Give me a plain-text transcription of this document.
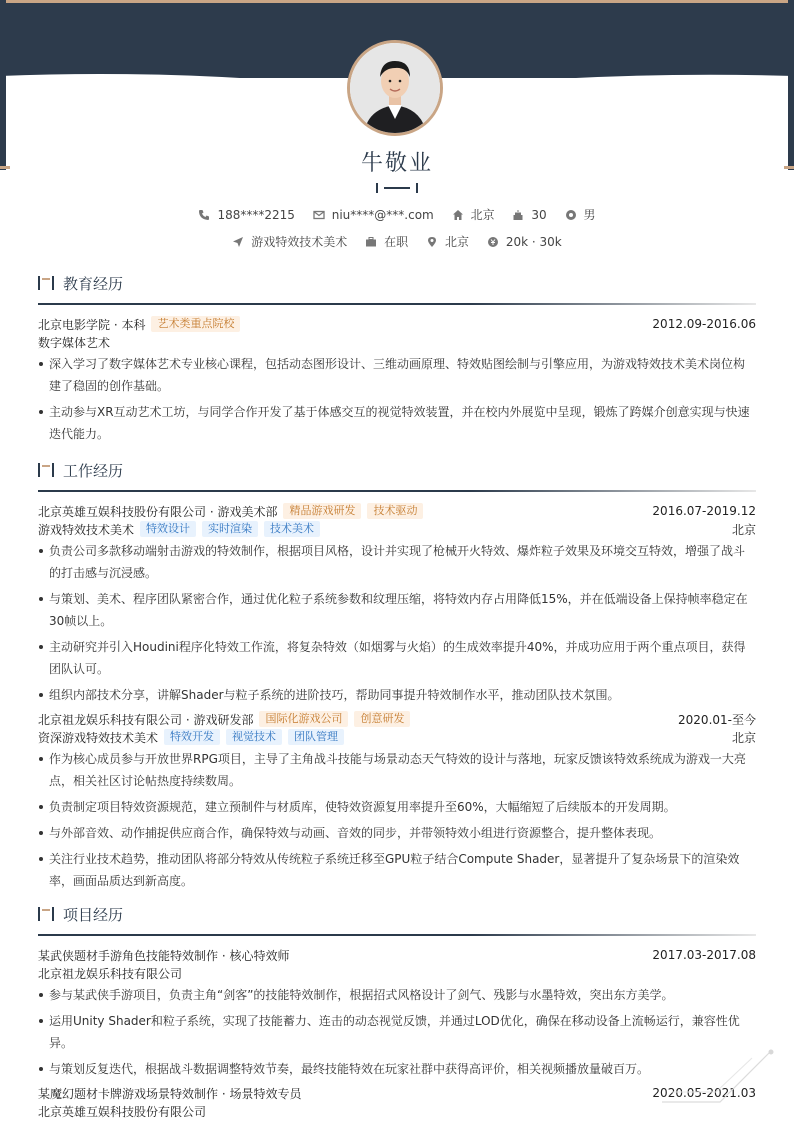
牛敬业
188****2215
	niu****@***.com
	北京
	30
	男
游戏特效技术美术
	在职
	北京
	20k · 30k
教育经历
北京电影学院 · 本科	艺术类重点院校	2012.09-2016.06
数字媒体艺术
深入学习了数字媒体艺术专业核心课程，包括动态图形设计、三维动画原理、特效贴图绘制与引擎应用，为游戏特效技术美术岗位构建了稳固的创作基础。
主动参与XR互动艺术工坊，与同学合作开发了基于体感交互的视觉特效装置，并在校内外展览中呈现，锻炼了跨媒介创意实现与快速迭代能力。
工作经历
北京英雄互娱科技股份有限公司 · 游戏美术部	精品游戏研发	技术驱动	2016.07-2019.12
游戏特效技术美术	特效设计	实时渲染	技术美术	北京
负责公司多款移动端射击游戏的特效制作，根据项目风格，设计并实现了枪械开火特效、爆炸粒子效果及环境交互特效，增强了战斗的打击感与沉浸感。
与策划、美术、程序团队紧密合作，通过优化粒子系统参数和纹理压缩，将特效内存占用降低15%，并在低端设备上保持帧率稳定在30帧以上。
主动研究并引入Houdini程序化特效工作流，将复杂特效（如烟雾与火焰）的生成效率提升40%，并成功应用于两个重点项目，获得团队认可。
组织内部技术分享，讲解Shader与粒子系统的进阶技巧，帮助同事提升特效制作水平，推动团队技术氛围。
北京祖龙娱乐科技有限公司 · 游戏研发部	国际化游戏公司	创意研发	2020.01-至今
资深游戏特效技术美术	特效开发	视觉技术	团队管理	北京
作为核心成员参与开放世界RPG项目，主导了主角战斗技能与场景动态天气特效的设计与落地，玩家反馈该特效系统成为游戏一大亮点，相关社区讨论帖热度持续数周。
负责制定项目特效资源规范，建立预制件与材质库，使特效资源复用率提升至60%，大幅缩短了后续版本的开发周期。
与外部音效、动作捕捉供应商合作，确保特效与动画、音效的同步，并带领特效小组进行资源整合，提升整体表现。
关注行业技术趋势，推动团队将部分特效从传统粒子系统迁移至GPU粒子结合Compute Shader，显著提升了复杂场景下的渲染效率，画面品质达到新高度。
项目经历
某武侠题材手游角色技能特效制作 · 核心特效师	2017.03-2017.08
北京祖龙娱乐科技有限公司
参与某武侠手游项目，负责主角“剑客”的技能特效制作，根据招式风格设计了剑气、残影与水墨特效，突出东方美学。
运用Unity Shader和粒子系统，实现了技能蓄力、连击的动态视觉反馈，并通过LOD优化，确保在移动设备上流畅运行，兼容性优异。
与策划反复迭代，根据战斗数据调整特效节奏，最终技能特效在玩家社群中获得高评价，相关视频播放量破百万。
某魔幻题材卡牌游戏场景特效制作 · 场景特效专员	2020.05-2021.03
北京英雄互娱科技股份有限公司
